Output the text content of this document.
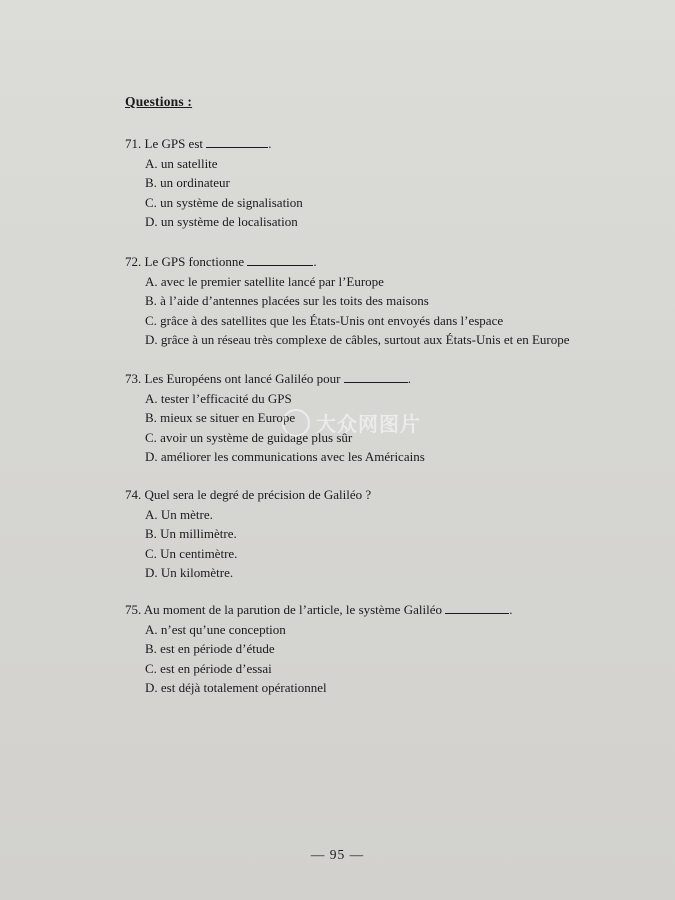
Questions :
71. Le GPS est	.
A. un satellite
B. un ordinateur
C. un système de signalisation
D. un système de localisation
72. Le GPS fonctionne	.
A. avec le premier satellite lancé par l’Europe
B. à l’aide d’antennes placées sur les toits des maisons
C. grâce à des satellites que les États-Unis ont envoyés dans l’espace
D. grâce à un réseau très complexe de câbles, surtout aux États-Unis et en Europe
73. Les Européens ont lancé Galiléo pour	.
A. tester l’efficacité du GPS
B. mieux se situer en Europe
C. avoir un système de guidage plus sûr
D. améliorer les communications avec les Américains
74. Quel sera le degré de précision de Galiléo ?
A. Un mètre.
B. Un millimètre.
C. Un centimètre.
D. Un kilomètre.
75. Au moment de la parution de l’article, le système Galiléo	.
A. n’est qu’une conception
B. est en période d’étude
C. est en période d’essai
D. est déjà totalement opérationnel
大众网图片
— 95 —
